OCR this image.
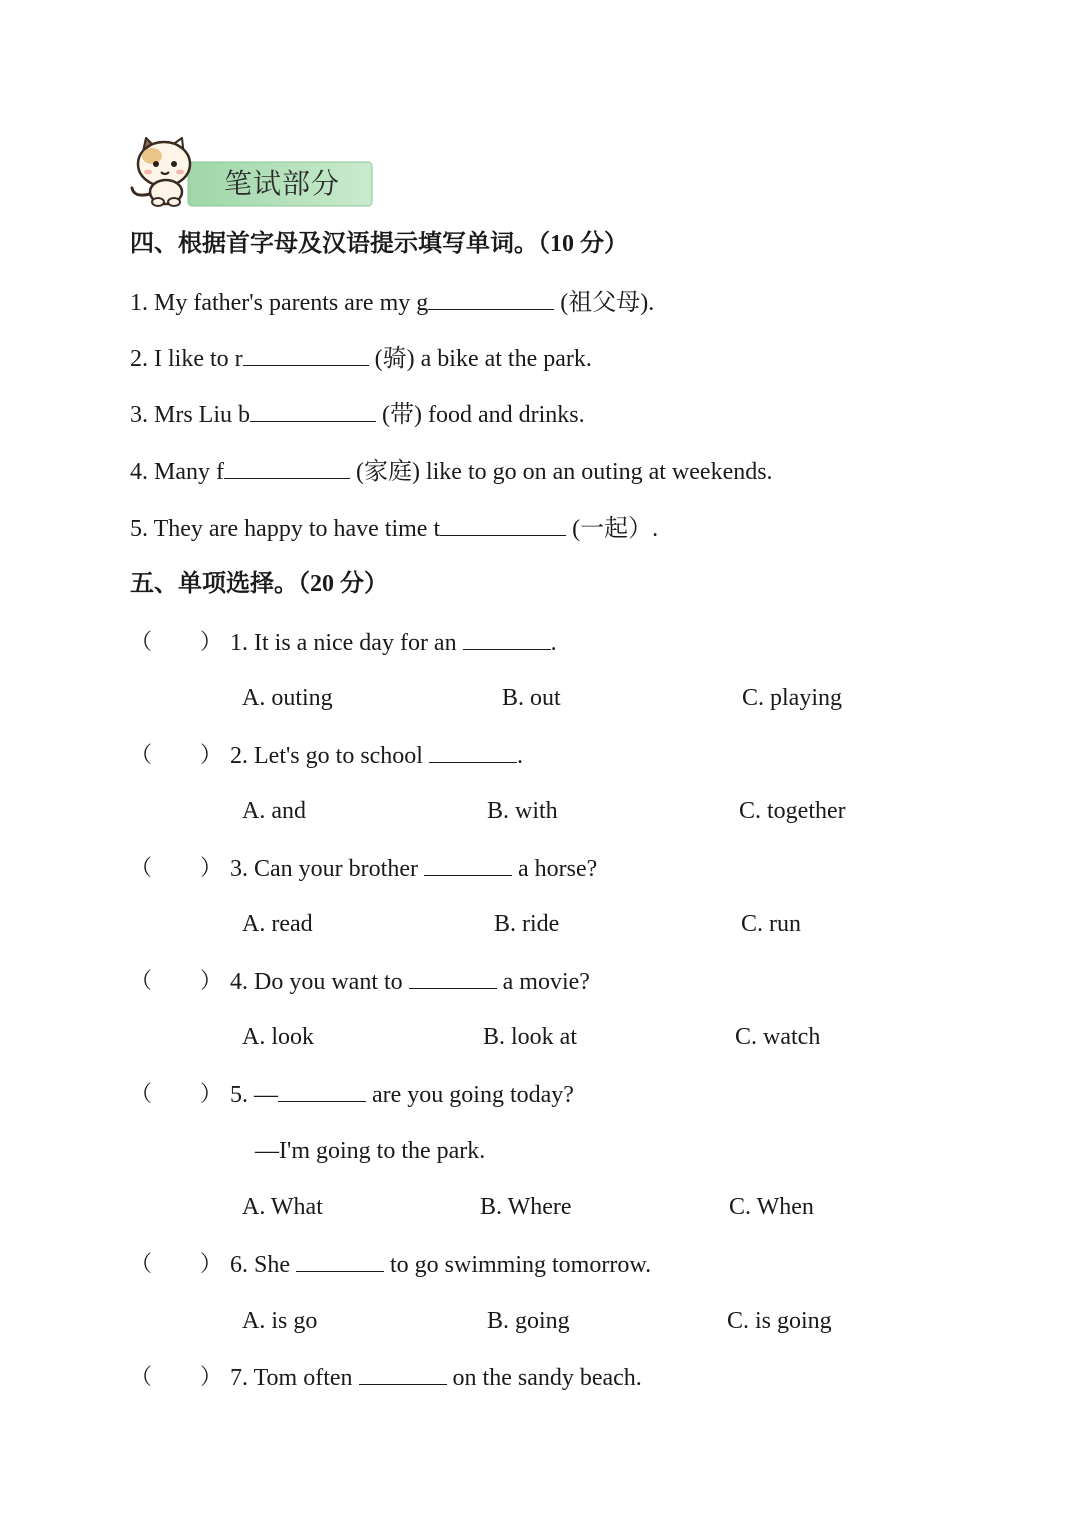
笔试部分
四、根据首字母及汉语提示填写单词。（10 分）
1. My father's parents are my g	(祖父母).
2. I like to r	(骑) a bike at the park.
3. Mrs Liu b	(带) food and drinks.
4. Many f	(家庭) like to go on an outing at weekends.
5. They are happy to have time t	(一起）.
五、单项选择。（20 分）
（ ） 1. It is a nice day for an	.
A. outing	B. out	C. playing
（ ） 2. Let's go to school	.
A. and	B. with	C. together
（ ） 3. Can your brother	a horse?
A. read	B. ride	C. run
（ ） 4. Do you want to	a movie?
A. look	B. look at	C. watch
（ ） 5. —	are you going today?
—I'm going to the park.
A. What	B. Where	C. When
（ ） 6. She	to go swimming tomorrow.
A. is go	B. going	C. is going
（ ） 7. Tom often	on the sandy beach.
